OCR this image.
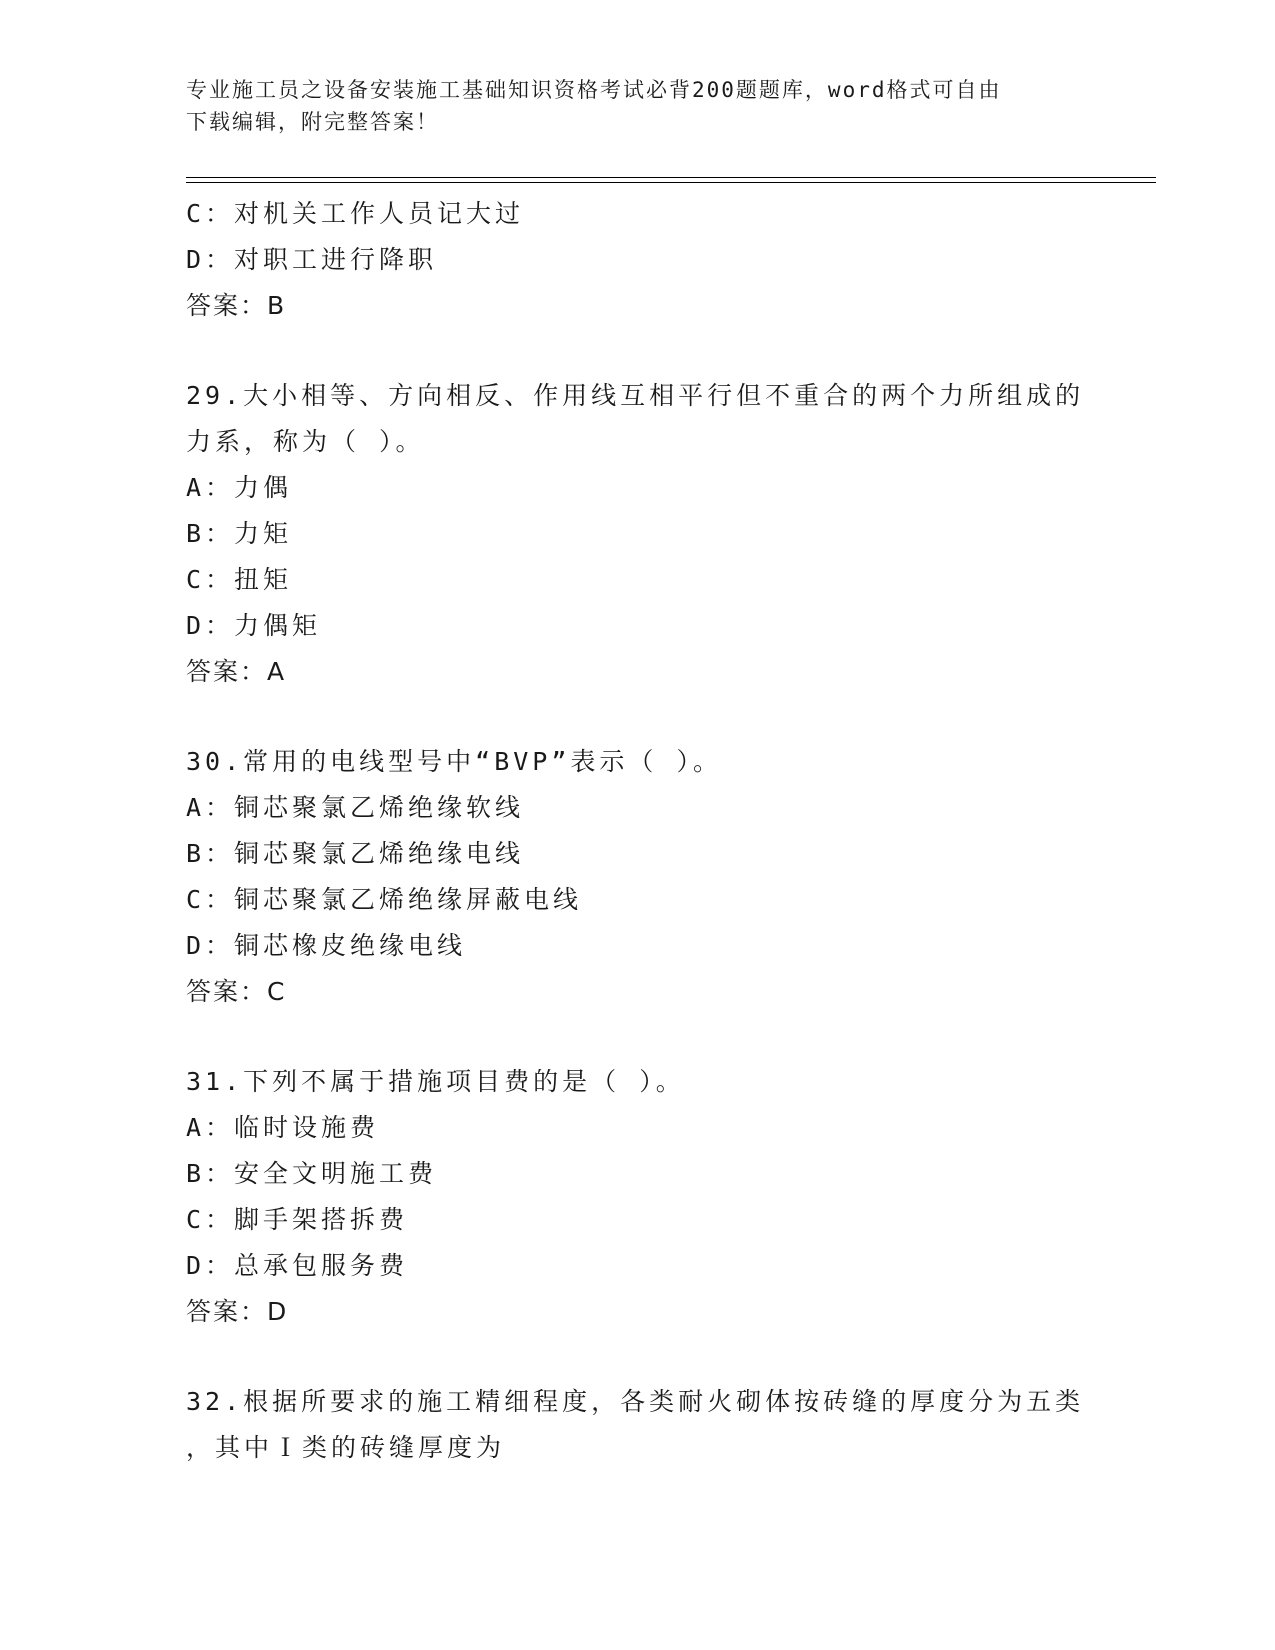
专业施工员之设备安装施工基础知识资格考试必背200题题库，word格式可自由
下载编辑，附完整答案！
C：对机关工作人员记大过
D：对职工进行降职
答案：B
29.大小相等、方向相反、作用线互相平行但不重合的两个力所组成的
力系，称为（ ）。
A：力偶
B：力矩
C：扭矩
D：力偶矩
答案：A
30.常用的电线型号中“BVP”表示（ ）。
A：铜芯聚氯乙烯绝缘软线
B：铜芯聚氯乙烯绝缘电线
C：铜芯聚氯乙烯绝缘屏蔽电线
D：铜芯橡皮绝缘电线
答案：C
31.下列不属于措施项目费的是（ ）。
A：临时设施费
B：安全文明施工费
C：脚手架搭拆费
D：总承包服务费
答案：D
32.根据所要求的施工精细程度，各类耐火砌体按砖缝的厚度分为五类
，其中Ｉ类的砖缝厚度为
